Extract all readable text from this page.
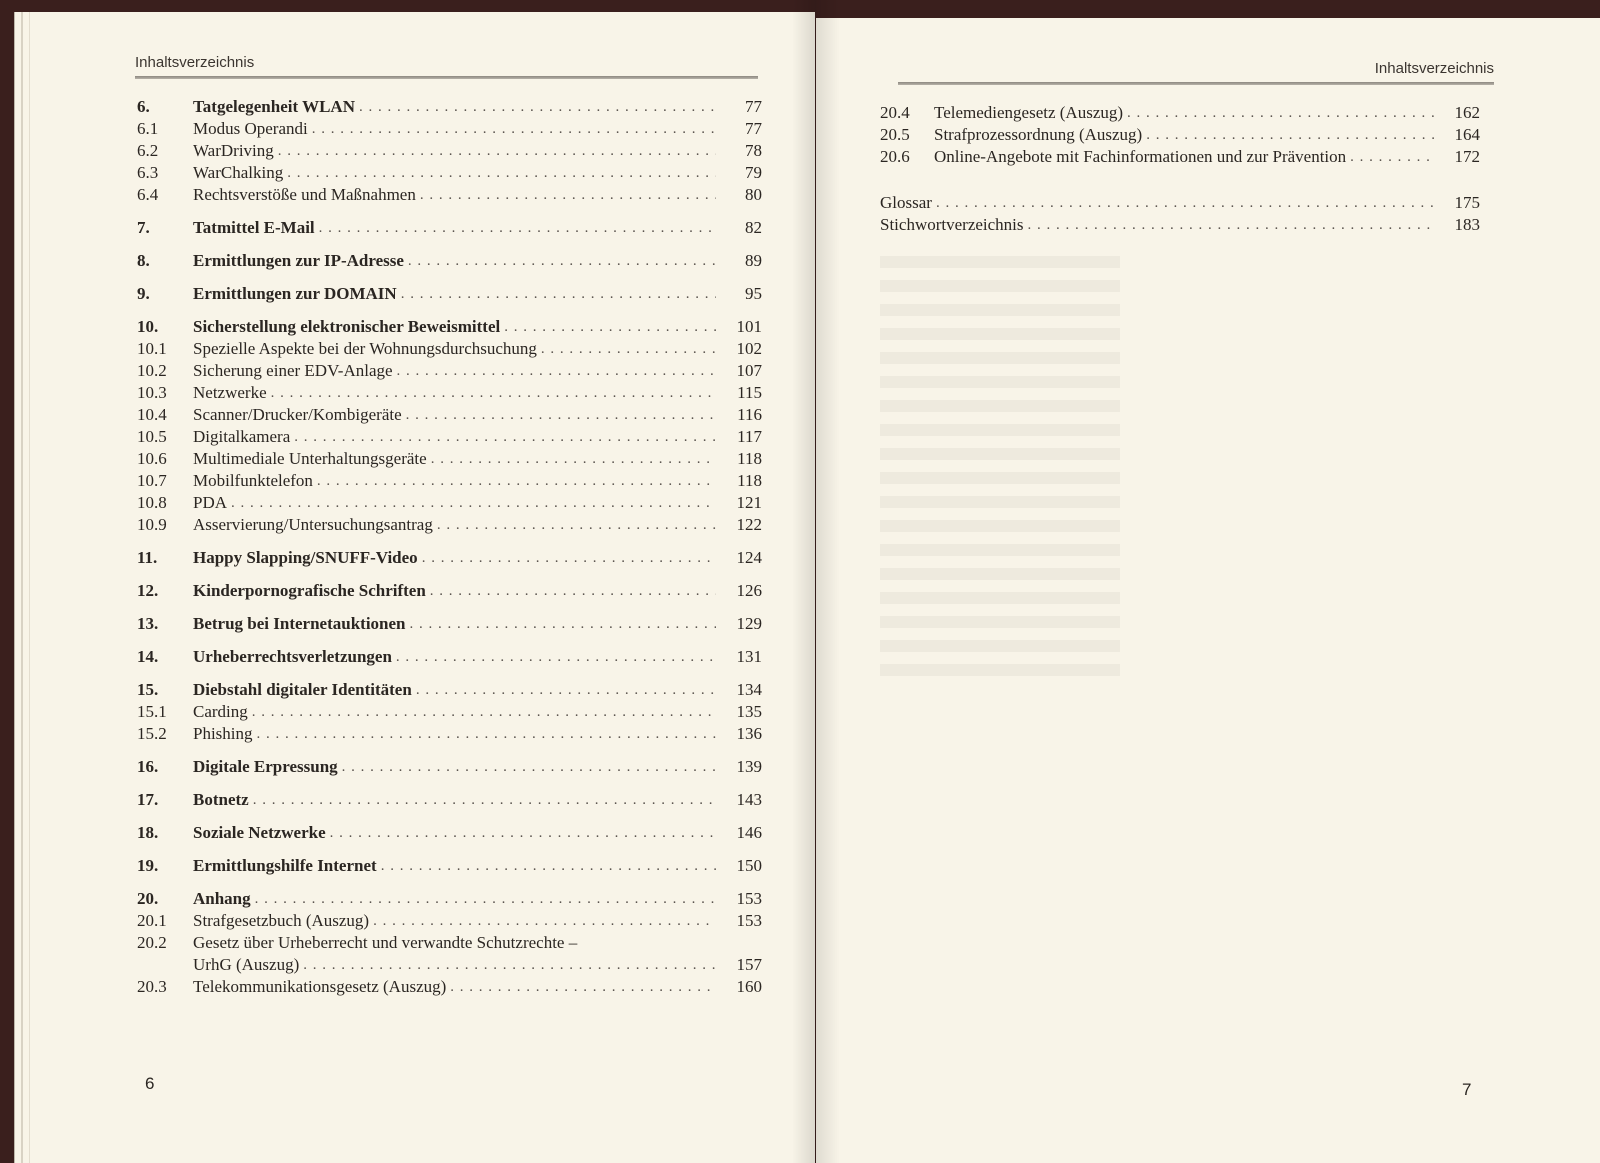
Inhaltsverzeichnis
6.	Tatgelegenheit WLAN . . .	77
6.1	Modus Operandi . . .	77
6.2	WarDriving . . .	78
6.3	WarChalking . . .	79
6.4	Rechtsverstöße und Maßnahmen . . .	80
7.	Tatmittel E-Mail . . .	82
8.	Ermittlungen zur IP-Adresse . . .	89
9.	Ermittlungen zur DOMAIN . . .	95
10.	Sicherstellung elektronischer Beweismittel . . .	101
10.1	Spezielle Aspekte bei der Wohnungsdurchsuchung . . .	102
10.2	Sicherung einer EDV-Anlage . . .	107
10.3	Netzwerke . . .	115
10.4	Scanner/Drucker/Kombigeräte . . .	116
10.5	Digitalkamera . . .	117
10.6	Multimediale Unterhaltungsgeräte . . .	118
10.7	Mobilfunktelefon . . .	118
10.8	PDA . . .	121
10.9	Asservierung/Untersuchungsantrag . . .	122
11.	Happy Slapping/SNUFF-Video . . .	124
12.	Kinderpornografische Schriften . . .	126
13.	Betrug bei Internetauktionen . . .	129
14.	Urheberrechtsverletzungen . . .	131
15.	Diebstahl digitaler Identitäten . . .	134
15.1	Carding . . .	135
15.2	Phishing . . .	136
16.	Digitale Erpressung . . .	139
17.	Botnetz . . .	143
18.	Soziale Netzwerke . . .	146
19.	Ermittlungshilfe Internet . . .	150
20.	Anhang . . .	153
20.1	Strafgesetzbuch (Auszug) . . .	153
20.2	Gesetz über Urheberrecht und verwandte Schutzrechte –
UrhG (Auszug) . . .	157
20.3	Telekommunikationsgesetz (Auszug) . . .	160
6
Inhaltsverzeichnis
20.4	Telemediengesetz (Auszug) . . .	162
20.5	Strafprozessordnung (Auszug) . . .	164
20.6	Online-Angebote mit Fachinformationen und zur Prävention . . .	172
Glossar . . .	175
Stichwortverzeichnis . . .	183
7
